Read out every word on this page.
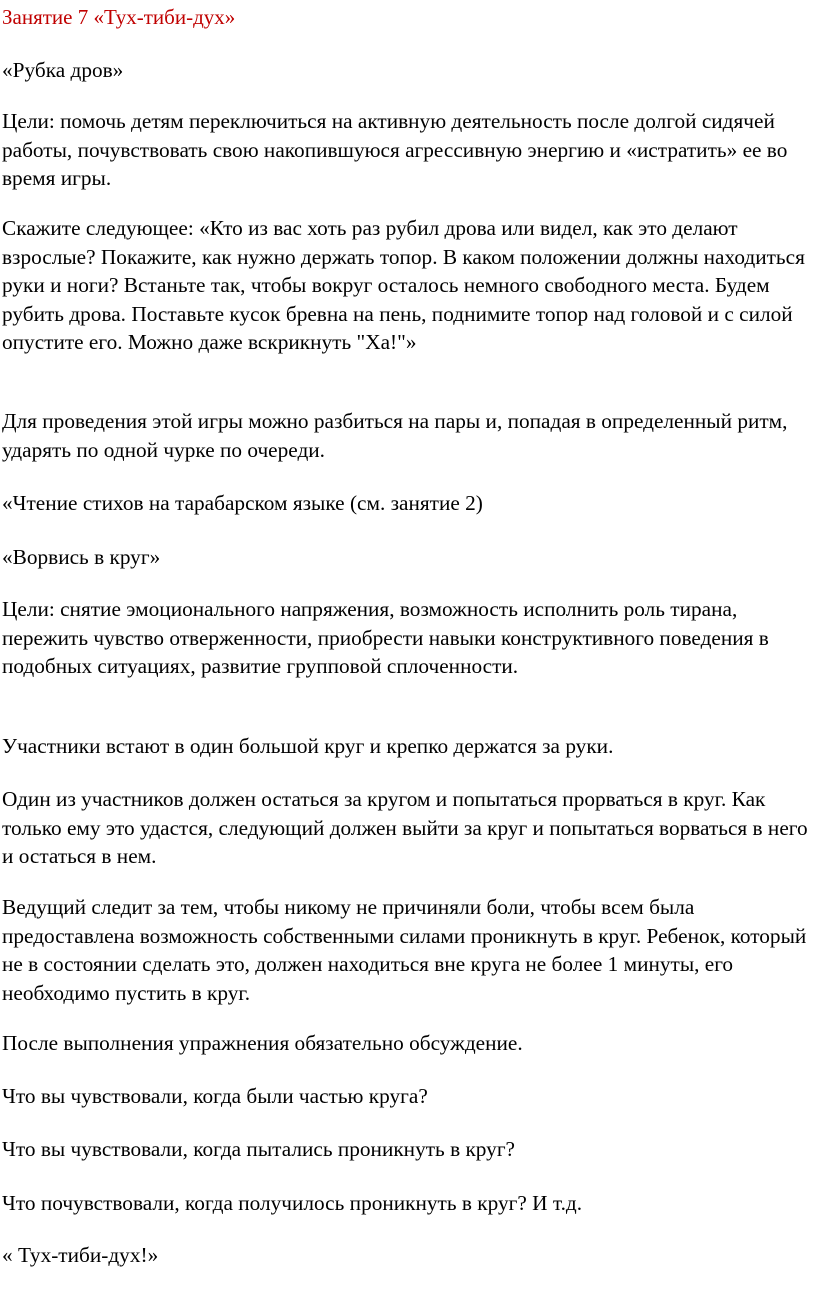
Занятие 7 «Тух-тиби-дух»

«Рубка дров»

Цели: помочь детям переключиться на активную деятельность после долгой сидячей работы, почувствовать свою накопившуюся агрессивную энергию и «истратить» ее во время игры.

Скажите следующее: «Кто из вас хоть раз рубил дрова или видел, как это делают взрослые? Покажите, как нужно держать топор. В каком положении должны находиться руки и ноги? Встаньте так, чтобы вокруг осталось немного свободного места. Будем рубить дрова. Поставьте кусок бревна на пень, поднимите топор над головой и с силой опустите его. Можно даже вскрикнуть "Ха!"»

Для проведения этой игры можно разбиться на пары и, попадая в определенный ритм, ударять по одной чурке по очереди.

«Чтение стихов на тарабарском языке (см. занятие 2)

«Ворвись в круг»

Цели: снятие эмоционального напряжения, возможность исполнить роль тирана, пережить чувство отверженности, приобрести навыки конструктивного поведения в подобных ситуациях, развитие групповой сплоченности.

Участники встают в один большой круг и крепко держатся за руки.

Один из участников должен остаться за кругом и попытаться прорваться в круг. Как только ему это удастся, следующий должен выйти за круг и попытаться ворваться в него и остаться в нем.

Ведущий следит за тем, чтобы никому не причиняли боли, чтобы всем была предоставлена возможность собственными силами проникнуть в круг. Ребенок, который не в состоянии сделать это, должен находиться вне круга не более 1 минуты, его необходимо пустить в круг.

После выполнения упражнения обязательно обсуждение.

Что вы чувствовали, когда были частью круга?

Что вы чувствовали, когда пытались проникнуть в круг?

Что почувствовали, когда получилось проникнуть в круг? И т.д.

« Тух-тиби-дух!»
